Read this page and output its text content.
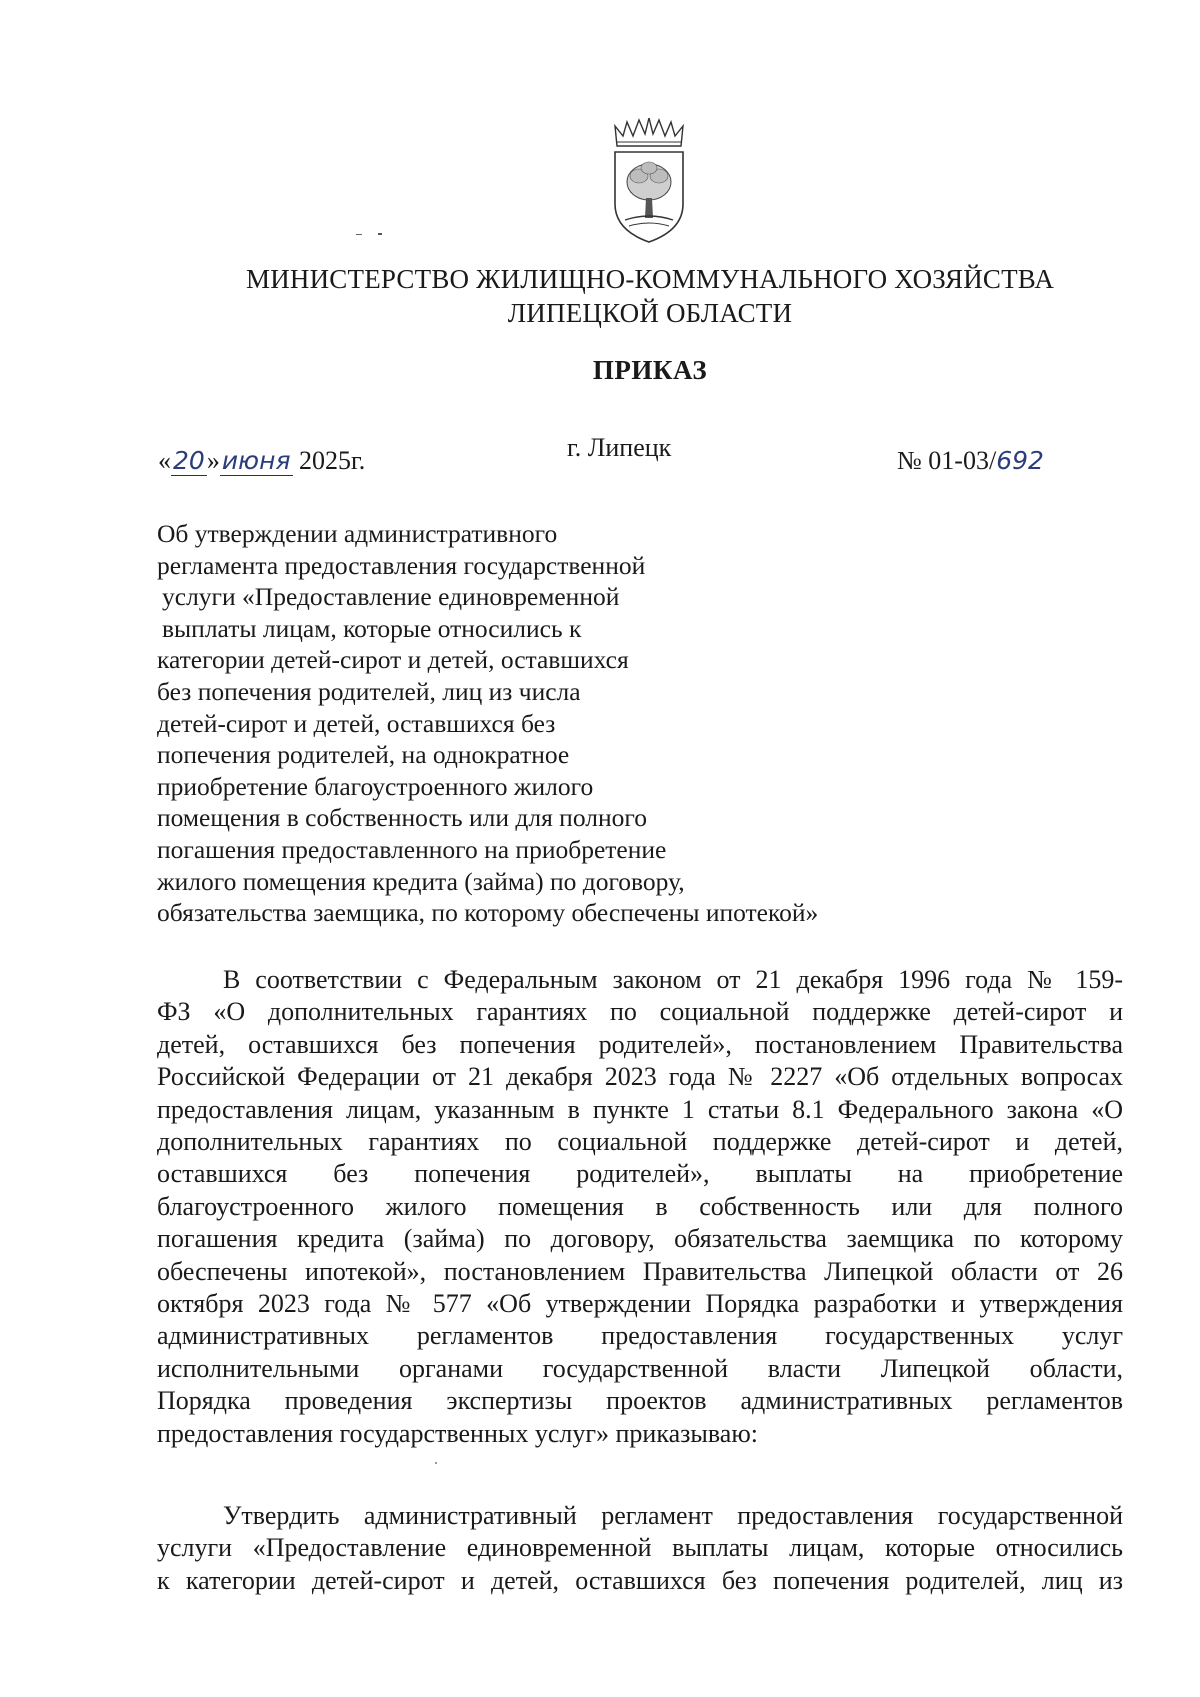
МИНИСТЕРСТВО ЖИЛИЩНО-КОММУНАЛЬНОГО ХОЗЯЙСТВА
ЛИПЕЦКОЙ ОБЛАСТИ
ПРИКАЗ
«20»июня 2025г.	г. Липецк	№ 01-03/692
Об утверждении административного
регламента предоставления государственной
услуги «Предоставление единовременной
выплаты лицам, которые относились к
категории детей-сирот и детей, оставшихся
без попечения родителей, лиц из числа
детей-сирот и детей, оставшихся без
попечения родителей, на однократное
приобретение благоустроенного жилого
помещения в собственность или для полного
погашения предоставленного на приобретение
жилого помещения кредита (займа) по договору,
обязательства заемщика, по которому обеспечены ипотекой»
В соответствии с Федеральным законом от 21 декабря 1996 года № 159-
ФЗ «О дополнительных гарантиях по социальной поддержке детей-сирот и
детей, оставшихся без попечения родителей», постановлением Правительства
Российской Федерации от 21 декабря 2023 года № 2227 «Об отдельных вопросах
предоставления лицам, указанным в пункте 1 статьи 8.1 Федерального закона «О
дополнительных гарантиях по социальной поддержке детей-сирот и детей,
оставшихся без попечения родителей», выплаты на приобретение
благоустроенного жилого помещения в собственность или для полного
погашения кредита (займа) по договору, обязательства заемщика по которому
обеспечены ипотекой», постановлением Правительства Липецкой области от 26
октября 2023 года № 577 «Об утверждении Порядка разработки и утверждения
административных регламентов предоставления государственных услуг
исполнительными органами государственной власти Липецкой области,
Порядка проведения экспертизы проектов административных регламентов
предоставления государственных услуг» приказываю:
Утвердить административный регламент предоставления государственной
услуги «Предоставление единовременной выплаты лицам, которые относились
к категории детей-сирот и детей, оставшихся без попечения родителей, лиц из
